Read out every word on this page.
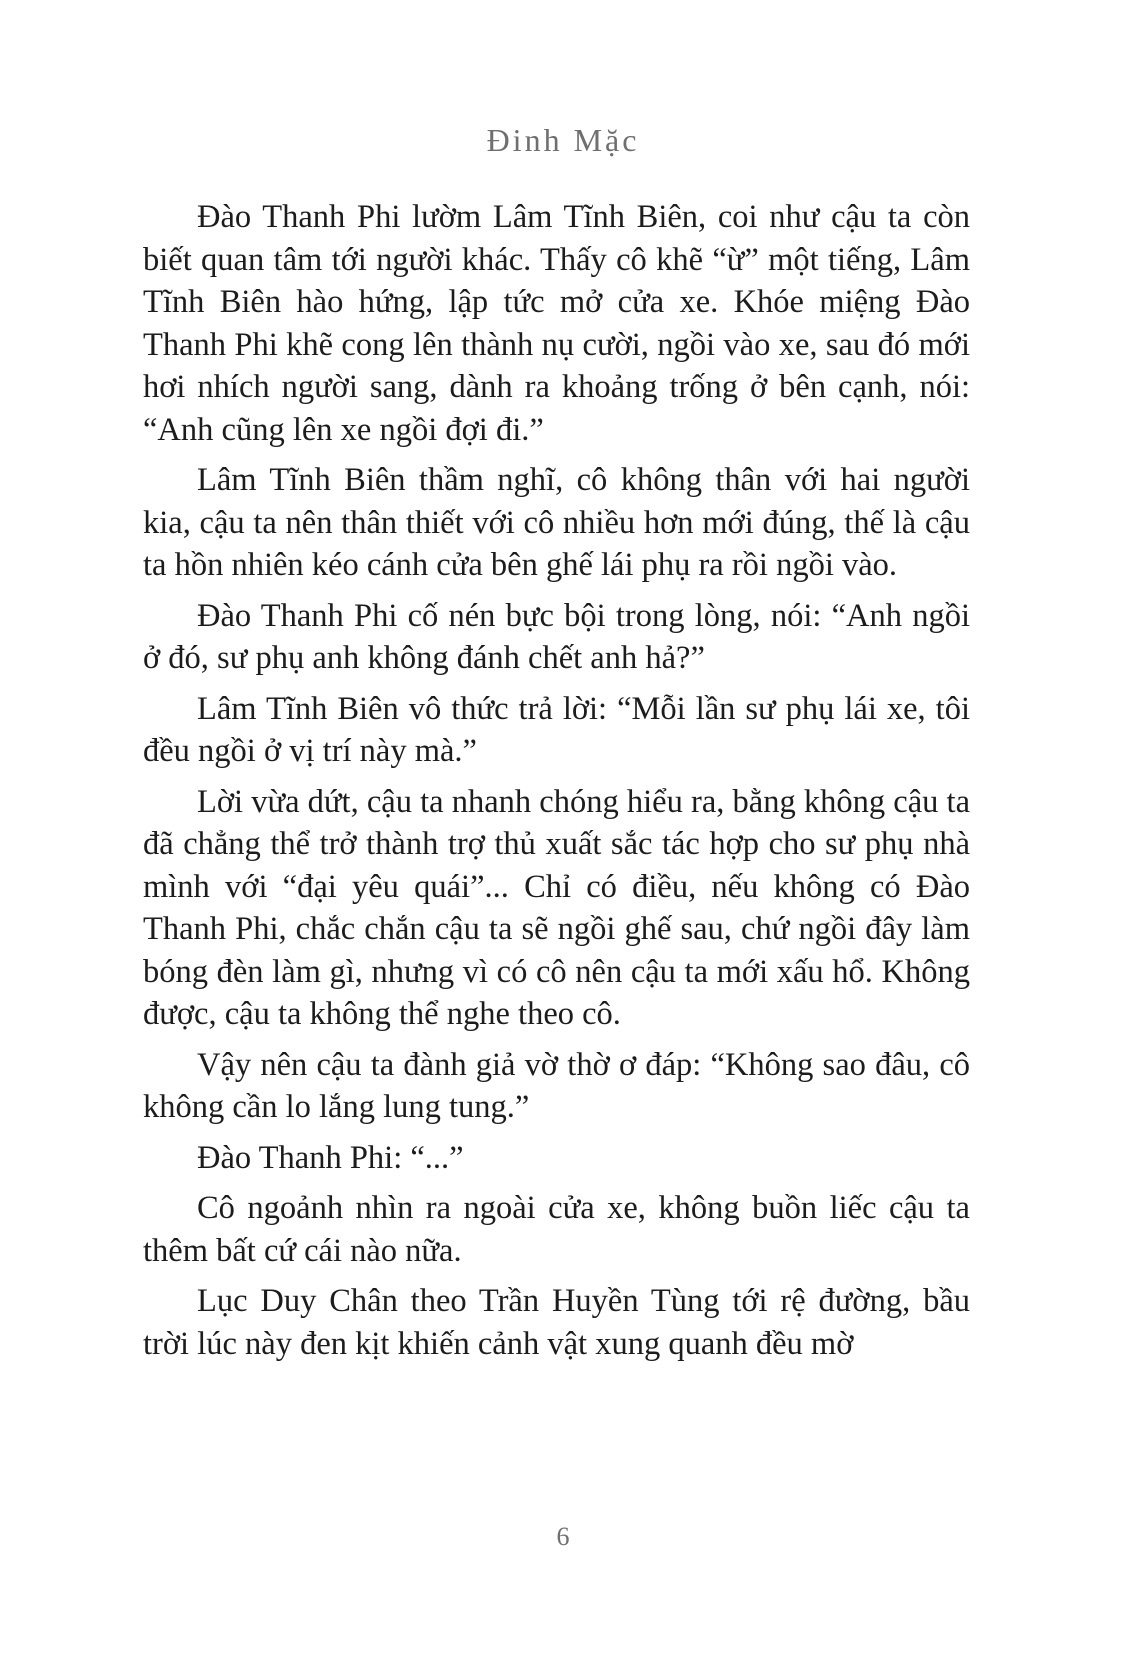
Đinh Mặc

Đào Thanh Phi lườm Lâm Tĩnh Biên, coi như cậu ta còn biết quan tâm tới người khác. Thấy cô khẽ “ừ” một tiếng, Lâm Tĩnh Biên hào hứng, lập tức mở cửa xe. Khóe miệng Đào Thanh Phi khẽ cong lên thành nụ cười, ngồi vào xe, sau đó mới hơi nhích người sang, dành ra khoảng trống ở bên cạnh, nói: “Anh cũng lên xe ngồi đợi đi.”

Lâm Tĩnh Biên thầm nghĩ, cô không thân với hai người kia, cậu ta nên thân thiết với cô nhiều hơn mới đúng, thế là cậu ta hồn nhiên kéo cánh cửa bên ghế lái phụ ra rồi ngồi vào.

Đào Thanh Phi cố nén bực bội trong lòng, nói: “Anh ngồi ở đó, sư phụ anh không đánh chết anh hả?”

Lâm Tĩnh Biên vô thức trả lời: “Mỗi lần sư phụ lái xe, tôi đều ngồi ở vị trí này mà.”

Lời vừa dứt, cậu ta nhanh chóng hiểu ra, bằng không cậu ta đã chẳng thể trở thành trợ thủ xuất sắc tác hợp cho sư phụ nhà mình với “đại yêu quái”... Chỉ có điều, nếu không có Đào Thanh Phi, chắc chắn cậu ta sẽ ngồi ghế sau, chứ ngồi đây làm bóng đèn làm gì, nhưng vì có cô nên cậu ta mới xấu hổ. Không được, cậu ta không thể nghe theo cô.

Vậy nên cậu ta đành giả vờ thờ ơ đáp: “Không sao đâu, cô không cần lo lắng lung tung.”

Đào Thanh Phi: “...”

Cô ngoảnh nhìn ra ngoài cửa xe, không buồn liếc cậu ta thêm bất cứ cái nào nữa.

Lục Duy Chân theo Trần Huyền Tùng tới rệ đường, bầu trời lúc này đen kịt khiến cảnh vật xung quanh đều mờ

6
